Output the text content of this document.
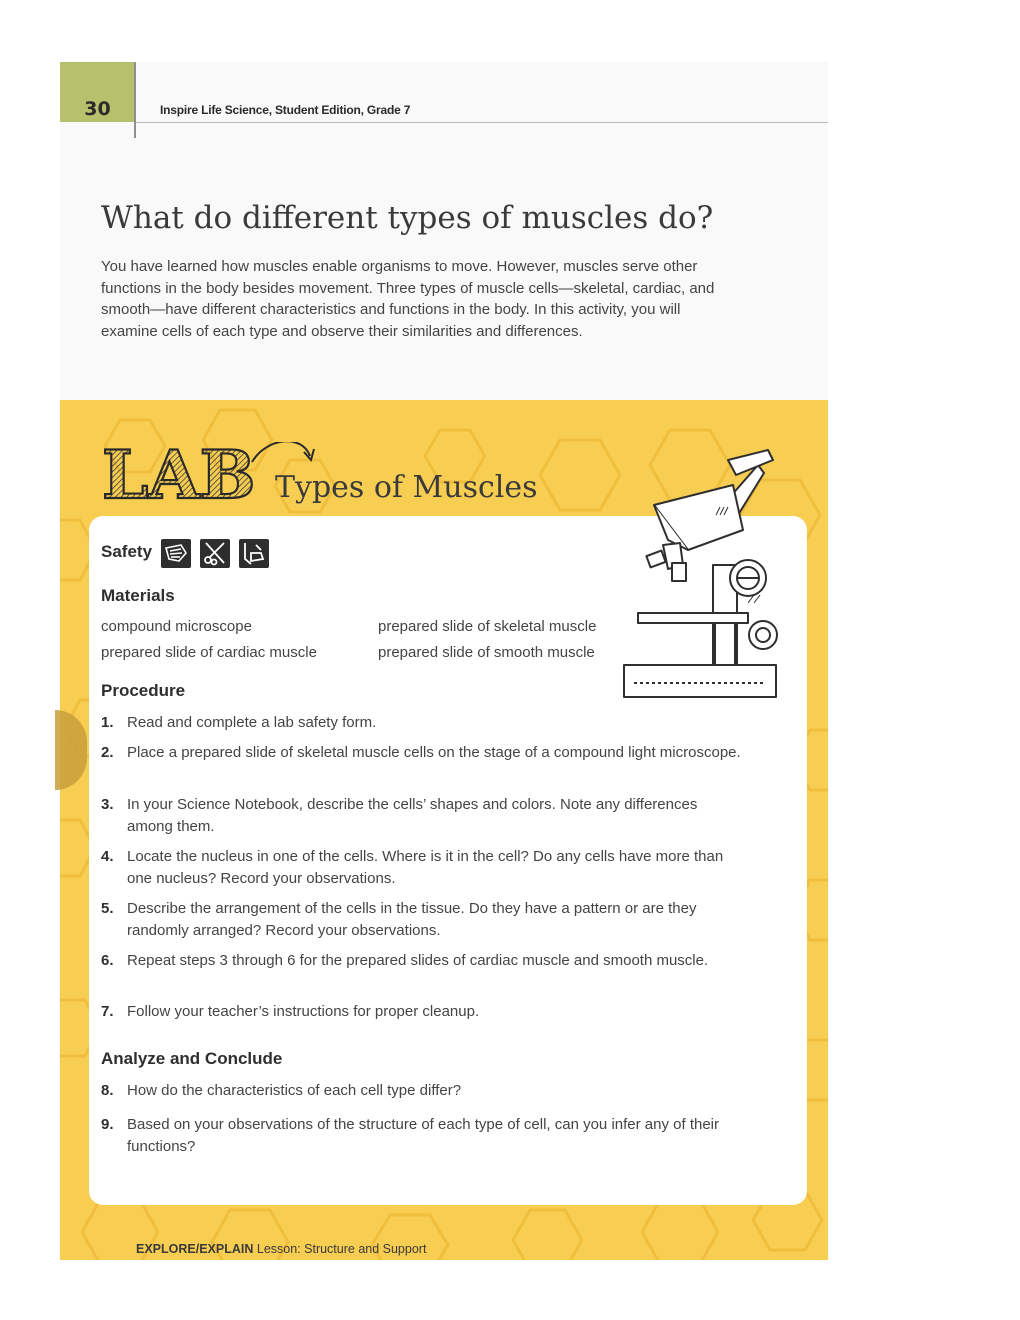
30	Inspire Life Science, Student Edition, Grade 7
What do different types of muscles do?
You have learned how muscles enable organisms to move. However, muscles serve other functions in the body besides movement. Three types of muscle cells—skeletal, cardiac, and smooth—have different characteristics and functions in the body. In this activity, you will examine cells of each type and observe their similarities and differences.
LAB Types of Muscles
Safety
Materials
compound microscope	prepared slide of skeletal muscle
prepared slide of cardiac muscle	prepared slide of smooth muscle
Procedure
1. Read and complete a lab safety form.
2. Place a prepared slide of skeletal muscle cells on the stage of a compound light microscope.
3. In your Science Notebook, describe the cells’ shapes and colors. Note any differences among them.
4. Locate the nucleus in one of the cells. Where is it in the cell? Do any cells have more than one nucleus? Record your observations.
5. Describe the arrangement of the cells in the tissue. Do they have a pattern or are they randomly arranged? Record your observations.
6. Repeat steps 3 through 6 for the prepared slides of cardiac muscle and smooth muscle.
7. Follow your teacher’s instructions for proper cleanup.
Analyze and Conclude
8. How do the characteristics of each cell type differ?
9. Based on your observations of the structure of each type of cell, can you infer any of their functions?
EXPLORE/EXPLAIN Lesson: Structure and Support
